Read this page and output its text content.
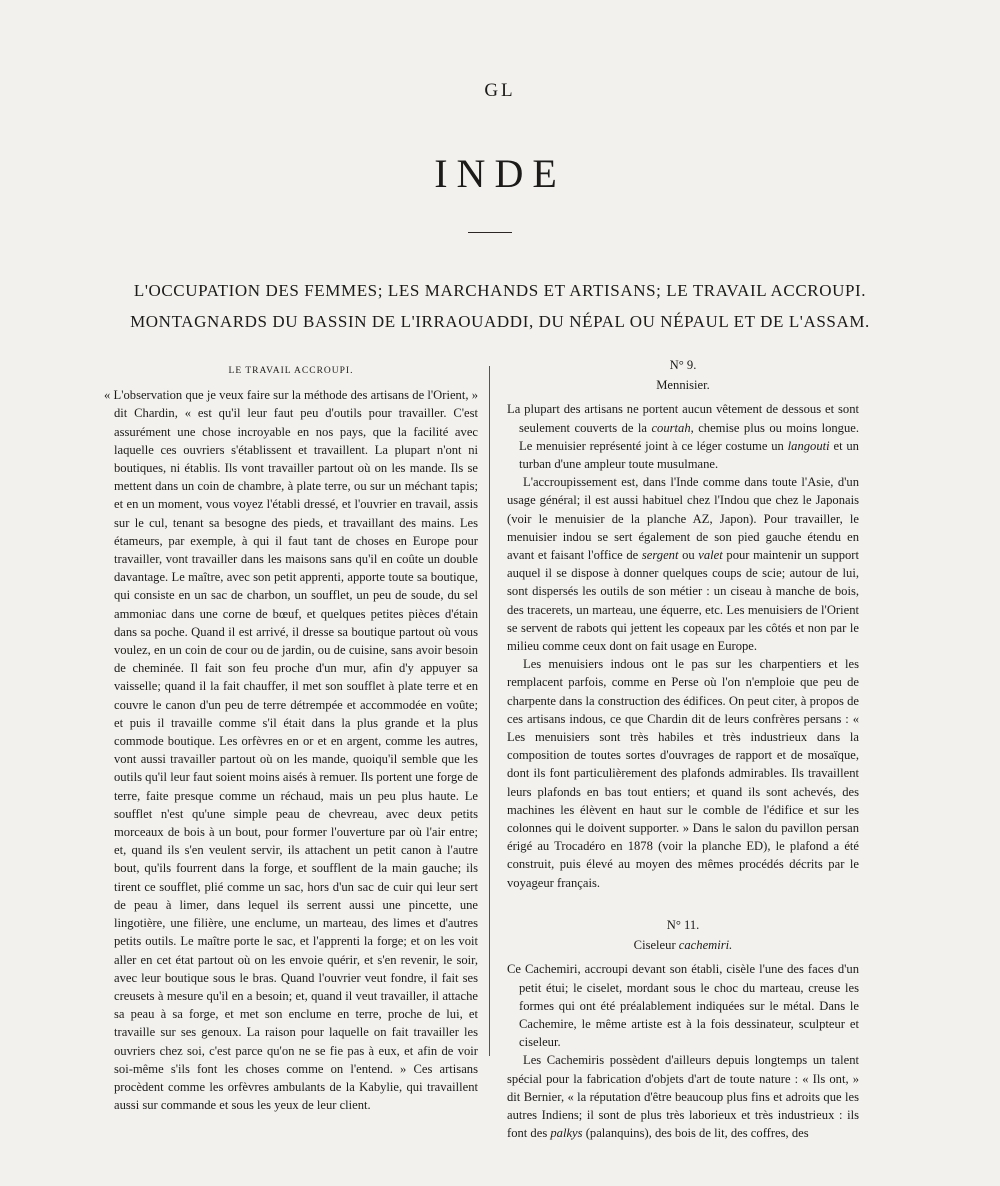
GL
INDE
L'OCCUPATION DES FEMMES; LES MARCHANDS ET ARTISANS; LE TRAVAIL ACCROUPI.
MONTAGNARDS DU BASSIN DE L'IRRAOUADDI, DU NÉPAL OU NÉPAUL ET DE L'ASSAM.
LE TRAVAIL ACCROUPI.

« L'observation que je veux faire sur la méthode des artisans de l'Orient, » dit Chardin, « est qu'il leur faut peu d'outils pour travailler. C'est assurément une chose incroyable en nos pays, que la facilité avec laquelle ces ouvriers s'établissent et travaillent. La plupart n'ont ni boutiques, ni établis. Ils vont travailler partout où on les mande. Ils se mettent dans un coin de chambre, à plate terre, ou sur un méchant tapis; et en un moment, vous voyez l'établi dressé, et l'ouvrier en travail, assis sur le cul, tenant sa besogne des pieds, et travaillant des mains. Les étameurs, par exemple, à qui il faut tant de choses en Europe pour travailler, vont travailler dans les maisons sans qu'il en coûte un double davantage. Le maître, avec son petit apprenti, apporte toute sa boutique, qui consiste en un sac de charbon, un soufflet, un peu de soude, du sel ammoniac dans une corne de bœuf, et quelques petites pièces d'étain dans sa poche. Quand il est arrivé, il dresse sa boutique partout où vous voulez, en un coin de cour ou de jardin, ou de cuisine, sans avoir besoin de cheminée. Il fait son feu proche d'un mur, afin d'y appuyer sa vaisselle; quand il la fait chauffer, il met son soufflet à plate terre et en couvre le canon d'un peu de terre détrempée et accommodée en voûte; et puis il travaille comme s'il était dans la plus grande et la plus commode boutique. Les orfèvres en or et en argent, comme les autres, vont aussi travailler partout où on les mande, quoiqu'il semble que les outils qu'il leur faut soient moins aisés à remuer. Ils portent une forge de terre, faite presque comme un réchaud, mais un peu plus haute. Le soufflet n'est qu'une simple peau de chevreau, avec deux petits morceaux de bois à un bout, pour former l'ouverture par où l'air entre; et, quand ils s'en veulent servir, ils attachent un petit canon à l'autre bout, qu'ils fourrent dans la forge, et soufflent de la main gauche; ils tirent ce soufflet, plié comme un sac, hors d'un sac de cuir qui leur sert de peau à limer, dans lequel ils serrent aussi une pincette, une lingotière, une filière, une enclume, un marteau, des limes et d'autres petits outils. Le maître porte le sac, et l'apprenti la forge; et on les voit aller en cet état partout où on les envoie quérir, et s'en revenir, le soir, avec leur boutique sous le bras. Quand l'ouvrier veut fondre, il fait ses creusets à mesure qu'il en a besoin; et, quand il veut travailler, il attache sa peau à sa forge, et met son enclume en terre, proche de lui, et travaille sur ses genoux. La raison pour laquelle on fait travailler les ouvriers chez soi, c'est parce qu'on ne se fie pas à eux, et afin de voir soi-même s'ils font les choses comme on l'entend. » Ces artisans procèdent comme les orfèvres ambulants de la Kabylie, qui travaillent aussi sur commande et sous les yeux de leur client.

N° 9.
Mennisier.

La plupart des artisans ne portent aucun vêtement de dessous et sont seulement couverts de la courtah, chemise plus ou moins longue. Le menuisier représenté joint à ce léger costume un langouti et un turban d'une ampleur toute musulmane.

L'accroupissement est, dans l'Inde comme dans toute l'Asie, d'un usage général; il est aussi habituel chez l'Indou que chez le Japonais (voir le menuisier de la planche AZ, Japon). Pour travailler, le menuisier indou se sert également de son pied gauche étendu en avant et faisant l'office de sergent ou valet pour maintenir un support auquel il se dispose à donner quelques coups de scie; autour de lui, sont dispersés les outils de son métier : un ciseau à manche de bois, des tracerets, un marteau, une équerre, etc. Les menuisiers de l'Orient se servent de rabots qui jettent les copeaux par les côtés et non par le milieu comme ceux dont on fait usage en Europe.

Les menuisiers indous ont le pas sur les charpentiers et les remplacent parfois, comme en Perse où l'on n'emploie que peu de charpente dans la construction des édifices. On peut citer, à propos de ces artisans indous, ce que Chardin dit de leurs confrères persans : « Les menuisiers sont très habiles et très industrieux dans la composition de toutes sortes d'ouvrages de rapport et de mosaïque, dont ils font particulièrement des plafonds admirables. Ils travaillent leurs plafonds en bas tout entiers; et quand ils sont achevés, des machines les élèvent en haut sur le comble de l'édifice et sur les colonnes qui le doivent supporter. » Dans le salon du pavillon persan érigé au Trocadéro en 1878 (voir la planche ED), le plafond a été construit, puis élevé au moyen des mêmes procédés décrits par le voyageur français.

N° 11.
Ciseleur cachemiri.

Ce Cachemiri, accroupi devant son établi, cisèle l'une des faces d'un petit étui; le ciselet, mordant sous le choc du marteau, creuse les formes qui ont été préalablement indiquées sur le métal. Dans le Cachemire, le même artiste est à la fois dessinateur, sculpteur et ciseleur.

Les Cachemiris possèdent d'ailleurs depuis longtemps un talent spécial pour la fabrication d'objets d'art de toute nature : « Ils ont, » dit Bernier, « la réputation d'être beaucoup plus fins et adroits que les autres Indiens; il sont de plus très laborieux et très industrieux : ils font des palkys (palanquins), des bois de lit, des coffres, des
